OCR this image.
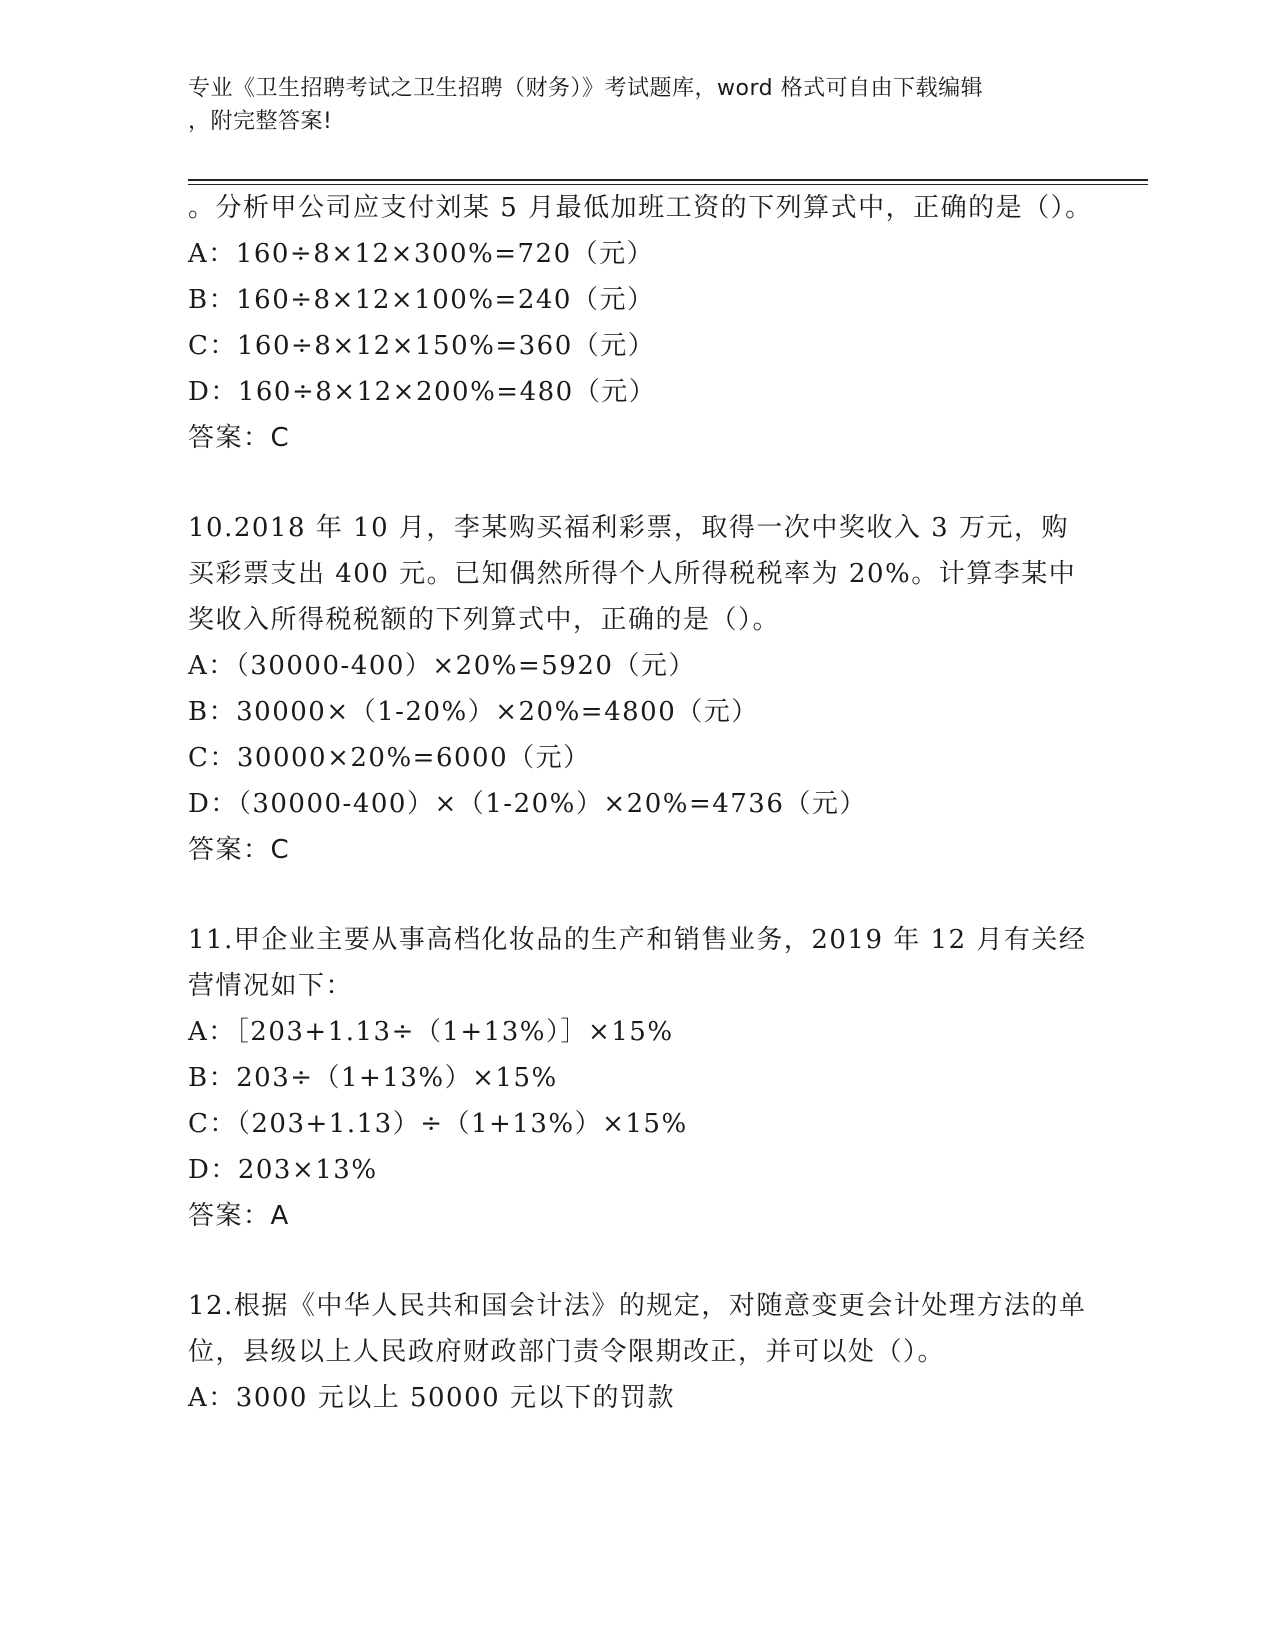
专业《卫生招聘考试之卫生招聘（财务）》考试题库，word 格式可自由下载编辑
，附完整答案!

。分析甲公司应支付刘某 5 月最低加班工资的下列算式中，正确的是（）。

A：160÷8×12×300%=720（元）

B：160÷8×12×100%=240（元）

C：160÷8×12×150%=360（元）

D：160÷8×12×200%=480（元）

答案：C

10.2018 年 10 月，李某购买福利彩票，取得一次中奖收入 3 万元，购买彩票支出 400 元。已知偶然所得个人所得税税率为 20%。计算李某中奖收入所得税税额的下列算式中，正确的是（）。

A：（30000-400）×20%=5920（元）

B：30000×（1-20%）×20%=4800（元）

C：30000×20%=6000（元）

D：（30000-400）×（1-20%）×20%=4736（元）

答案：C

11.甲企业主要从事高档化妆品的生产和销售业务，2019 年 12 月有关经营情况如下：

A：［203+1.13÷（1+13%）］×15%

B：203÷（1+13%）×15%

C：（203+1.13）÷（1+13%）×15%

D：203×13%

答案：A

12.根据《中华人民共和国会计法》的规定，对随意变更会计处理方法的单位，县级以上人民政府财政部门责令限期改正，并可以处（）。

A：3000 元以上 50000 元以下的罚款
